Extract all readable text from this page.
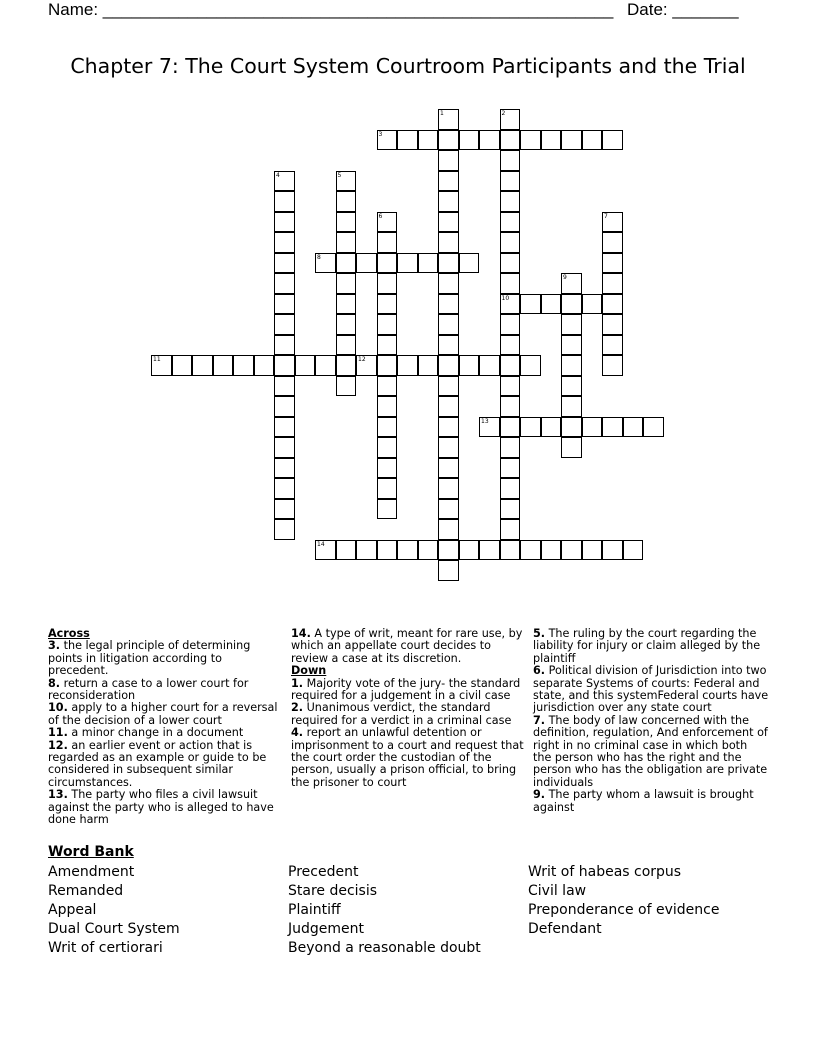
Name: ______________________________________________________ Date: _______
Chapter 7: The Court System Courtroom Participants and the Trial
1	2
10
3
4	5
6	7
8
9
11	12
13
14
Across
3. the legal principle of determining points in litigation according to precedent.
8. return a case to a lower court for reconsideration
10. apply to a higher court for a reversal of the decision of a lower court
11. a minor change in a document
12. an earlier event or action that is regarded as an example or guide to be considered in subsequent similar circumstances.
13. The party who files a civil lawsuit against the party who is alleged to have done harm
14. A type of writ, meant for rare use, by which an appellate court decides to review a case at its discretion.
Down
1. Majority vote of the jury- the standard required for a judgement in a civil case
2. Unanimous verdict, the standard required for a verdict in a criminal case
4. report an unlawful detention or imprisonment to a court and request that the court order the custodian of the person, usually a prison official, to bring the prisoner to court
5. The ruling by the court regarding the liability for injury or claim alleged by the plaintiff
6. Political division of Jurisdiction into two separate Systems of courts: Federal and state, and this systemFederal courts have jurisdiction over any state court
7. The body of law concerned with the definition, regulation, And enforcement of right in no criminal case in which both the person who has the right and the person who has the obligation are private individuals
9. The party whom a lawsuit is brought against
Word Bank
Amendment
Remanded
Appeal
Dual Court System
Writ of certiorari
Precedent
Stare decisis
Plaintiff
Judgement
Beyond a reasonable doubt
Writ of habeas corpus
Civil law
Preponderance of evidence
Defendant
